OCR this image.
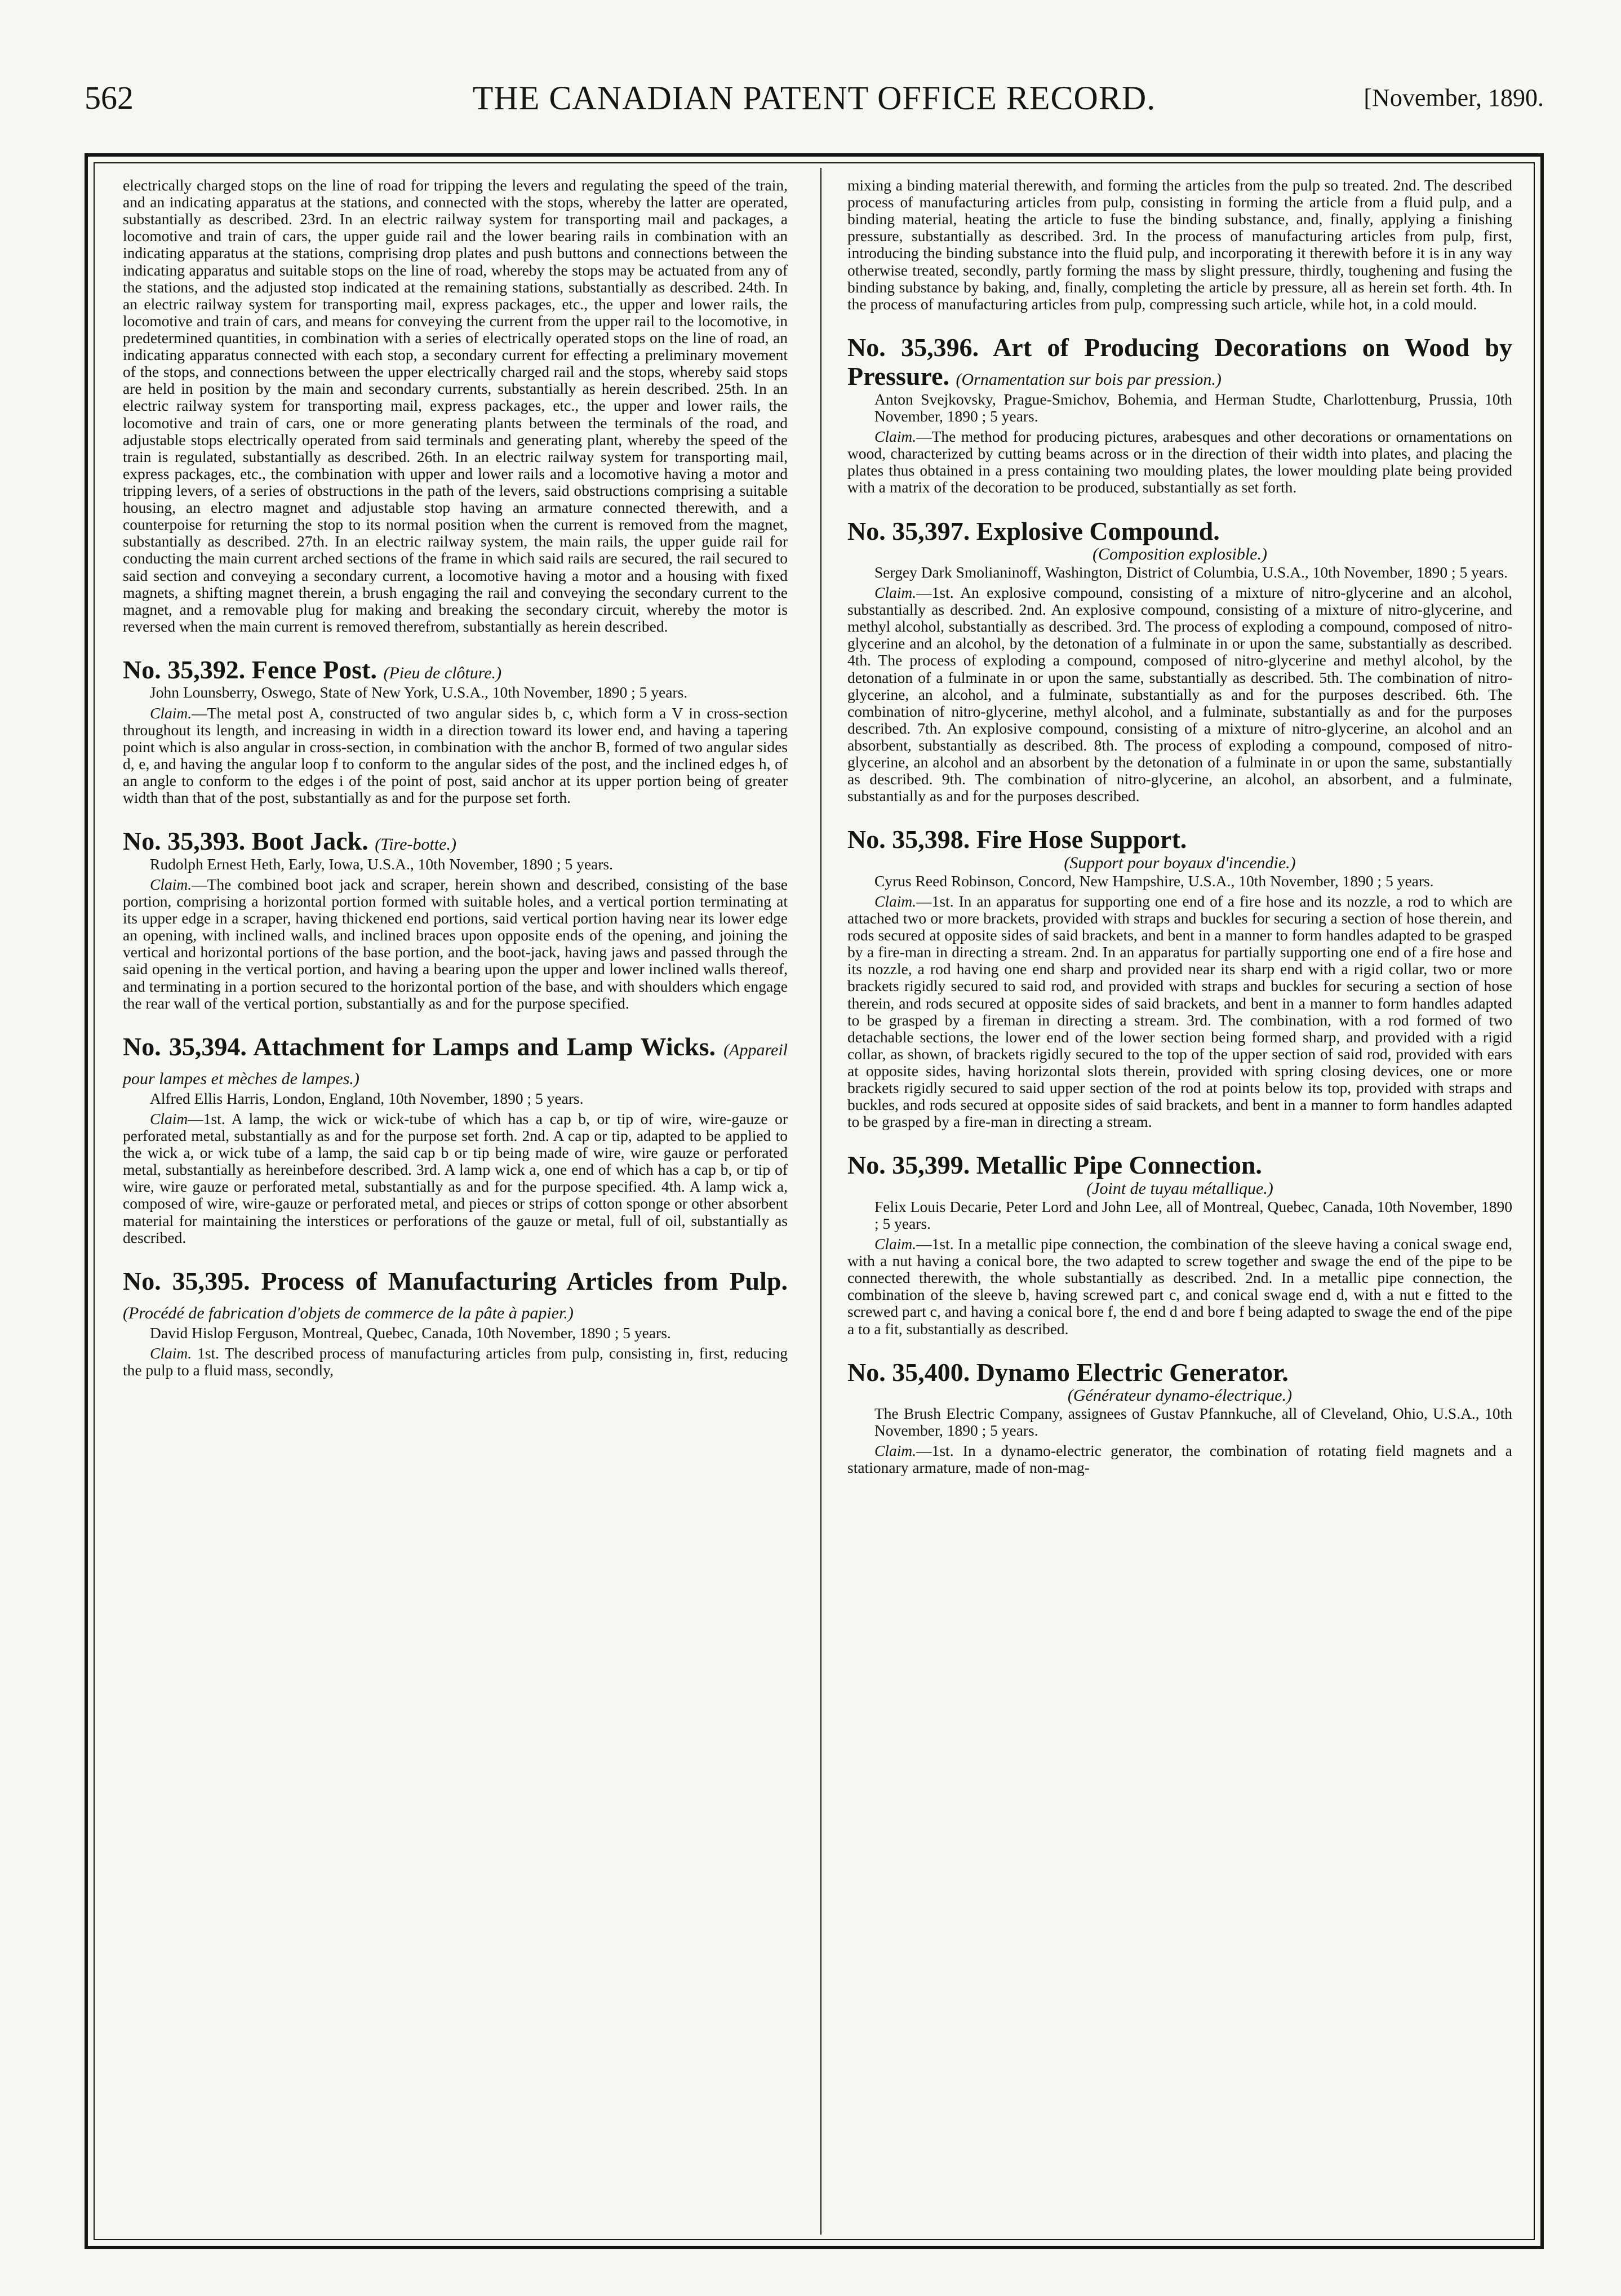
562	THE CANADIAN PATENT OFFICE RECORD.	[November, 1890.

electrically charged stops on the line of road for tripping the levers and regulating the speed of the train, and an indicating apparatus at the stations, and connected with the stops, whereby the latter are operated, substantially as described. 23rd. In an electric railway system for transporting mail and packages, a locomotive and train of cars, the upper guide rail and the lower bearing rails in combination with an indicating apparatus at the stations, comprising drop plates and push buttons and connections between the indicating apparatus and suitable stops on the line of road, whereby the stops may be actuated from any of the stations, and the adjusted stop indicated at the remaining stations, substantially as described. 24th. In an electric railway system for transporting mail, express packages, etc., the upper and lower rails, the locomotive and train of cars, and means for conveying the current from the upper rail to the locomotive, in predetermined quantities, in combination with a series of electrically operated stops on the line of road, an indicating apparatus connected with each stop, a secondary current for effecting a preliminary movement of the stops, and connections between the upper electrically charged rail and the stops, whereby said stops are held in position by the main and secondary currents, substantially as herein described. 25th. In an electric railway system for transporting mail, express packages, etc., the upper and lower rails, the locomotive and train of cars, one or more generating plants between the terminals of the road, and adjustable stops electrically operated from said terminals and generating plant, whereby the speed of the train is regulated, substantially as described. 26th. In an electric railway system for transporting mail, express packages, etc., the combination with upper and lower rails and a locomotive having a motor and tripping levers, of a series of obstructions in the path of the levers, said obstructions comprising a suitable housing, an electro magnet and adjustable stop having an armature connected therewith, and a counterpoise for returning the stop to its normal position when the current is removed from the magnet, substantially as described. 27th. In an electric railway system, the main rails, the upper guide rail for conducting the main current arched sections of the frame in which said rails are secured, the rail secured to said section and conveying a secondary current, a locomotive having a motor and a housing with fixed magnets, a shifting magnet therein, a brush engaging the rail and conveying the secondary current to the magnet, and a removable plug for making and breaking the secondary circuit, whereby the motor is reversed when the main current is removed therefrom, substantially as herein described.

No. 35,392. Fence Post. (Pieu de clôture.)

John Lounsberry, Oswego, State of New York, U.S.A., 10th November, 1890 ; 5 years.

Claim.—The metal post A, constructed of two angular sides b, c, which form a V in cross-section throughout its length, and increasing in width in a direction toward its lower end, and having a tapering point which is also angular in cross-section, in combination with the anchor B, formed of two angular sides d, e, and having the angular loop f to conform to the angular sides of the post, and the inclined edges h, of an angle to conform to the edges i of the point of post, said anchor at its upper portion being of greater width than that of the post, substantially as and for the purpose set forth.

No. 35,393. Boot Jack. (Tire-botte.)

Rudolph Ernest Heth, Early, Iowa, U.S.A., 10th November, 1890 ; 5 years.

Claim.—The combined boot jack and scraper, herein shown and described, consisting of the base portion, comprising a horizontal portion formed with suitable holes, and a vertical portion terminating at its upper edge in a scraper, having thickened end portions, said vertical portion having near its lower edge an opening, with inclined walls, and inclined braces upon opposite ends of the opening, and joining the vertical and horizontal portions of the base portion, and the boot-jack, having jaws and passed through the said opening in the vertical portion, and having a bearing upon the upper and lower inclined walls thereof, and terminating in a portion secured to the horizontal portion of the base, and with shoulders which engage the rear wall of the vertical portion, substantially as and for the purpose specified.

No. 35,394. Attachment for Lamps and Lamp Wicks. (Appareil pour lampes et mèches de lampes.)

Alfred Ellis Harris, London, England, 10th November, 1890 ; 5 years.

Claim—1st. A lamp, the wick or wick-tube of which has a cap b, or tip of wire, wire-gauze or perforated metal, substantially as and for the purpose set forth. 2nd. A cap or tip, adapted to be applied to the wick a, or wick tube of a lamp, the said cap b or tip being made of wire, wire gauze or perforated metal, substantially as hereinbefore described. 3rd. A lamp wick a, one end of which has a cap b, or tip of wire, wire gauze or perforated metal, substantially as and for the purpose specified. 4th. A lamp wick a, composed of wire, wire-gauze or perforated metal, and pieces or strips of cotton sponge or other absorbent material for maintaining the interstices or perforations of the gauze or metal, full of oil, substantially as described.

No. 35,395. Process of Manufacturing Articles from Pulp. (Procédé de fabrication d'objets de commerce de la pâte à papier.)

David Hislop Ferguson, Montreal, Quebec, Canada, 10th November, 1890 ; 5 years.

Claim. 1st. The described process of manufacturing articles from pulp, consisting in, first, reducing the pulp to a fluid mass, secondly,

mixing a binding material therewith, and forming the articles from the pulp so treated. 2nd. The described process of manufacturing articles from pulp, consisting in forming the article from a fluid pulp, and a binding material, heating the article to fuse the binding substance, and, finally, applying a finishing pressure, substantially as described. 3rd. In the process of manufacturing articles from pulp, first, introducing the binding substance into the fluid pulp, and incorporating it therewith before it is in any way otherwise treated, secondly, partly forming the mass by slight pressure, thirdly, toughening and fusing the binding substance by baking, and, finally, completing the article by pressure, all as herein set forth. 4th. In the process of manufacturing articles from pulp, compressing such article, while hot, in a cold mould.

No. 35,396. Art of Producing Decorations on Wood by Pressure. (Ornamentation sur bois par pression.)

Anton Svejkovsky, Prague-Smichov, Bohemia, and Herman Studte, Charlottenburg, Prussia, 10th November, 1890 ; 5 years.

Claim.—The method for producing pictures, arabesques and other decorations or ornamentations on wood, characterized by cutting beams across or in the direction of their width into plates, and placing the plates thus obtained in a press containing two moulding plates, the lower moulding plate being provided with a matrix of the decoration to be produced, substantially as set forth.

No. 35,397. Explosive Compound.

(Composition explosible.)

Sergey Dark Smolianinoff, Washington, District of Columbia, U.S.A., 10th November, 1890 ; 5 years.

Claim.—1st. An explosive compound, consisting of a mixture of nitro-glycerine and an alcohol, substantially as described. 2nd. An explosive compound, consisting of a mixture of nitro-glycerine, and methyl alcohol, substantially as described. 3rd. The process of exploding a compound, composed of nitro-glycerine and an alcohol, by the detonation of a fulminate in or upon the same, substantially as described. 4th. The process of exploding a compound, composed of nitro-glycerine and methyl alcohol, by the detonation of a fulminate in or upon the same, substantially as described. 5th. The combination of nitro-glycerine, an alcohol, and a fulminate, substantially as and for the purposes described. 6th. The combination of nitro-glycerine, methyl alcohol, and a fulminate, substantially as and for the purposes described. 7th. An explosive compound, consisting of a mixture of nitro-glycerine, an alcohol and an absorbent, substantially as described. 8th. The process of exploding a compound, composed of nitro-glycerine, an alcohol and an absorbent by the detonation of a fulminate in or upon the same, substantially as described. 9th. The combination of nitro-glycerine, an alcohol, an absorbent, and a fulminate, substantially as and for the purposes described.

No. 35,398. Fire Hose Support.

(Support pour boyaux d'incendie.)

Cyrus Reed Robinson, Concord, New Hampshire, U.S.A., 10th November, 1890 ; 5 years.

Claim.—1st. In an apparatus for supporting one end of a fire hose and its nozzle, a rod to which are attached two or more brackets, provided with straps and buckles for securing a section of hose therein, and rods secured at opposite sides of said brackets, and bent in a manner to form handles adapted to be grasped by a fire-man in directing a stream. 2nd. In an apparatus for partially supporting one end of a fire hose and its nozzle, a rod having one end sharp and provided near its sharp end with a rigid collar, two or more brackets rigidly secured to said rod, and provided with straps and buckles for securing a section of hose therein, and rods secured at opposite sides of said brackets, and bent in a manner to form handles adapted to be grasped by a fireman in directing a stream. 3rd. The combination, with a rod formed of two detachable sections, the lower end of the lower section being formed sharp, and provided with a rigid collar, as shown, of brackets rigidly secured to the top of the upper section of said rod, provided with ears at opposite sides, having horizontal slots therein, provided with spring closing devices, one or more brackets rigidly secured to said upper section of the rod at points below its top, provided with straps and buckles, and rods secured at opposite sides of said brackets, and bent in a manner to form handles adapted to be grasped by a fire-man in directing a stream.

No. 35,399. Metallic Pipe Connection.

(Joint de tuyau métallique.)

Felix Louis Decarie, Peter Lord and John Lee, all of Montreal, Quebec, Canada, 10th November, 1890 ; 5 years.

Claim.—1st. In a metallic pipe connection, the combination of the sleeve having a conical swage end, with a nut having a conical bore, the two adapted to screw together and swage the end of the pipe to be connected therewith, the whole substantially as described. 2nd. In a metallic pipe connection, the combination of the sleeve b, having screwed part c, and conical swage end d, with a nut e fitted to the screwed part c, and having a conical bore f, the end d and bore f being adapted to swage the end of the pipe a to a fit, substantially as described.

No. 35,400. Dynamo Electric Generator.

(Générateur dynamo-électrique.)

The Brush Electric Company, assignees of Gustav Pfannkuche, all of Cleveland, Ohio, U.S.A., 10th November, 1890 ; 5 years.

Claim.—1st. In a dynamo-electric generator, the combination of rotating field magnets and a stationary armature, made of non-mag-
